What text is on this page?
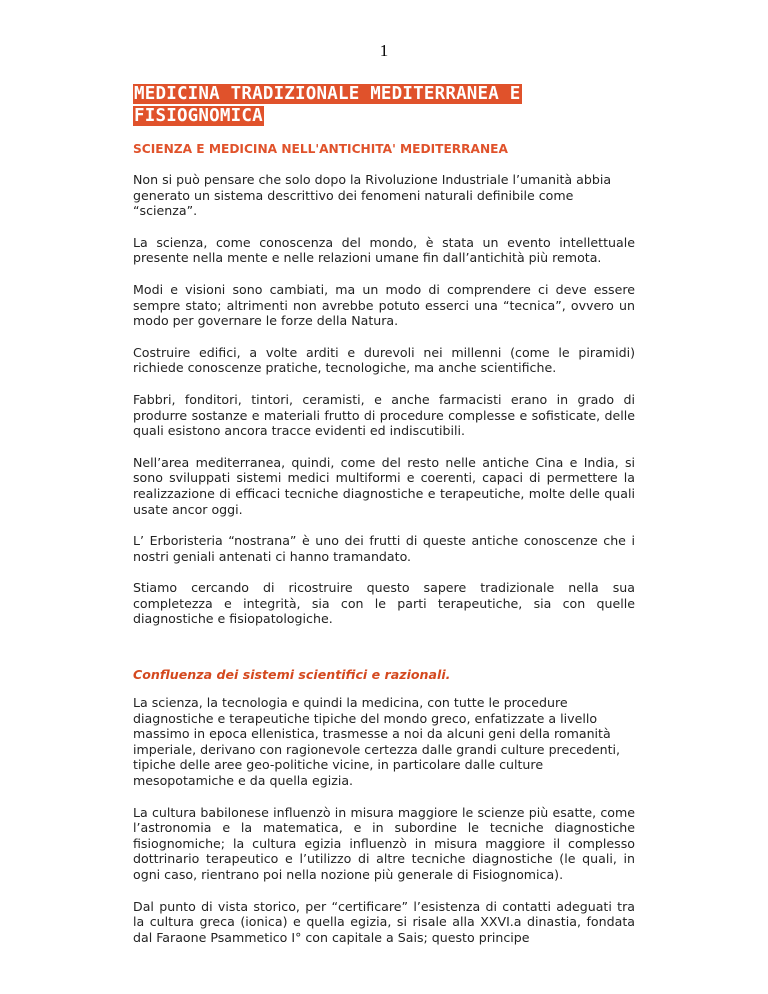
1
MEDICINA TRADIZIONALE MEDITERRANEA E
FISIOGNOMICA
SCIENZA E MEDICINA NELL'ANTICHITA' MEDITERRANEA

Non si può pensare che solo dopo la Rivoluzione Industriale l’umanità abbia generato un sistema descrittivo dei fenomeni naturali definibile come “scienza”.

La scienza, come conoscenza del mondo, è stata un evento intellettuale presente nella mente e nelle relazioni umane fin dall’antichità più remota.

Modi e visioni sono cambiati, ma un modo di comprendere ci deve essere sempre stato; altrimenti non avrebbe potuto esserci una “tecnica”, ovvero un modo per governare le forze della Natura.

Costruire edifici, a volte arditi e durevoli nei millenni (come le piramidi) richiede conoscenze pratiche, tecnologiche, ma anche scientifiche.

Fabbri, fonditori, tintori, ceramisti, e anche farmacisti erano in grado di produrre sostanze e materiali frutto di procedure complesse e sofisticate, delle quali esistono ancora tracce evidenti ed indiscutibili.

Nell’area mediterranea, quindi, come del resto nelle antiche Cina e India, si sono sviluppati sistemi medici multiformi e coerenti, capaci di permettere la realizzazione di efficaci tecniche diagnostiche e terapeutiche, molte delle quali usate ancor oggi.

L’ Erboristeria “nostrana” è uno dei frutti di queste antiche conoscenze che i nostri geniali antenati ci hanno tramandato.

Stiamo cercando di ricostruire questo sapere tradizionale nella sua completezza e integrità, sia con le parti terapeutiche, sia con quelle diagnostiche e fisiopatologiche.

Confluenza dei sistemi scientifici e razionali.

La scienza, la tecnologia e quindi la medicina, con tutte le procedure diagnostiche e terapeutiche tipiche del mondo greco, enfatizzate a livello massimo in epoca ellenistica, trasmesse a noi da alcuni geni della romanità imperiale, derivano con ragionevole certezza dalle grandi culture precedenti, tipiche delle aree geo-politiche vicine, in particolare dalle culture mesopotamiche e da quella egizia.

La cultura babilonese influenzò in misura maggiore le scienze più esatte, come l’astronomia e la matematica, e in subordine le tecniche diagnostiche fisiognomiche; la cultura egizia influenzò in misura maggiore il complesso dottrinario terapeutico e l’utilizzo di altre tecniche diagnostiche (le quali, in ogni caso, rientrano poi nella nozione più generale di Fisiognomica).

Dal punto di vista storico, per “certificare” l’esistenza di contatti adeguati tra la cultura greca (ionica) e quella egizia, si risale alla XXVI.a dinastia, fondata dal Faraone Psammetico I° con capitale a Sais; questo principe
